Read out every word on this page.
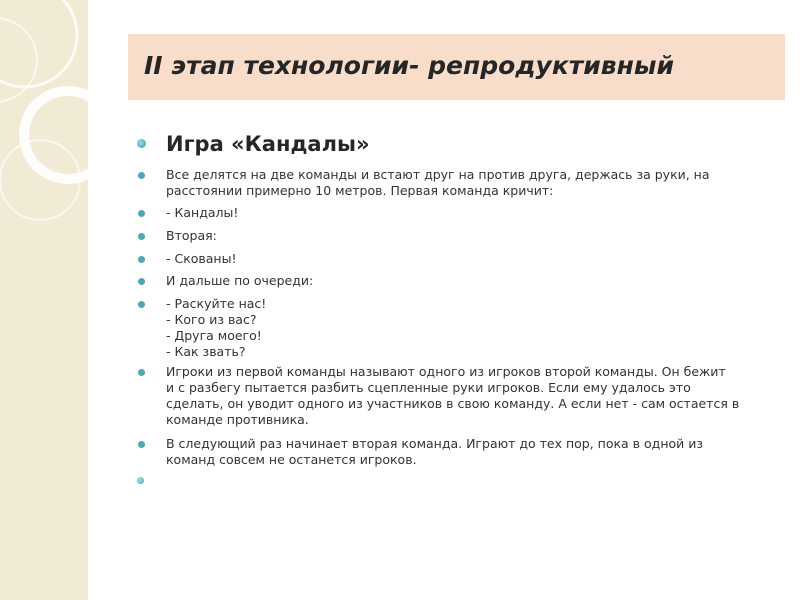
II этап технологии- репродуктивный
Игра «Кандалы»
Все делятся на две команды и встают друг на против друга, держась за руки, на
расстоянии примерно 10 метров. Первая команда кричит:
- Кандалы!
Вторая:
- Скованы!
И дальше по очереди:
- Раскуйте нас!
- Кого из вас?
- Друга моего!
- Как звать?
Игроки из первой команды называют одного из игроков второй команды. Он бежит
и с разбегу пытается разбить сцепленные руки игроков. Если ему удалось это
сделать, он уводит одного из участников в свою команду. А если нет - сам остается в
команде противника.
В следующий раз начинает вторая команда. Играют до тех пор, пока в одной из
команд совсем не останется игроков.
